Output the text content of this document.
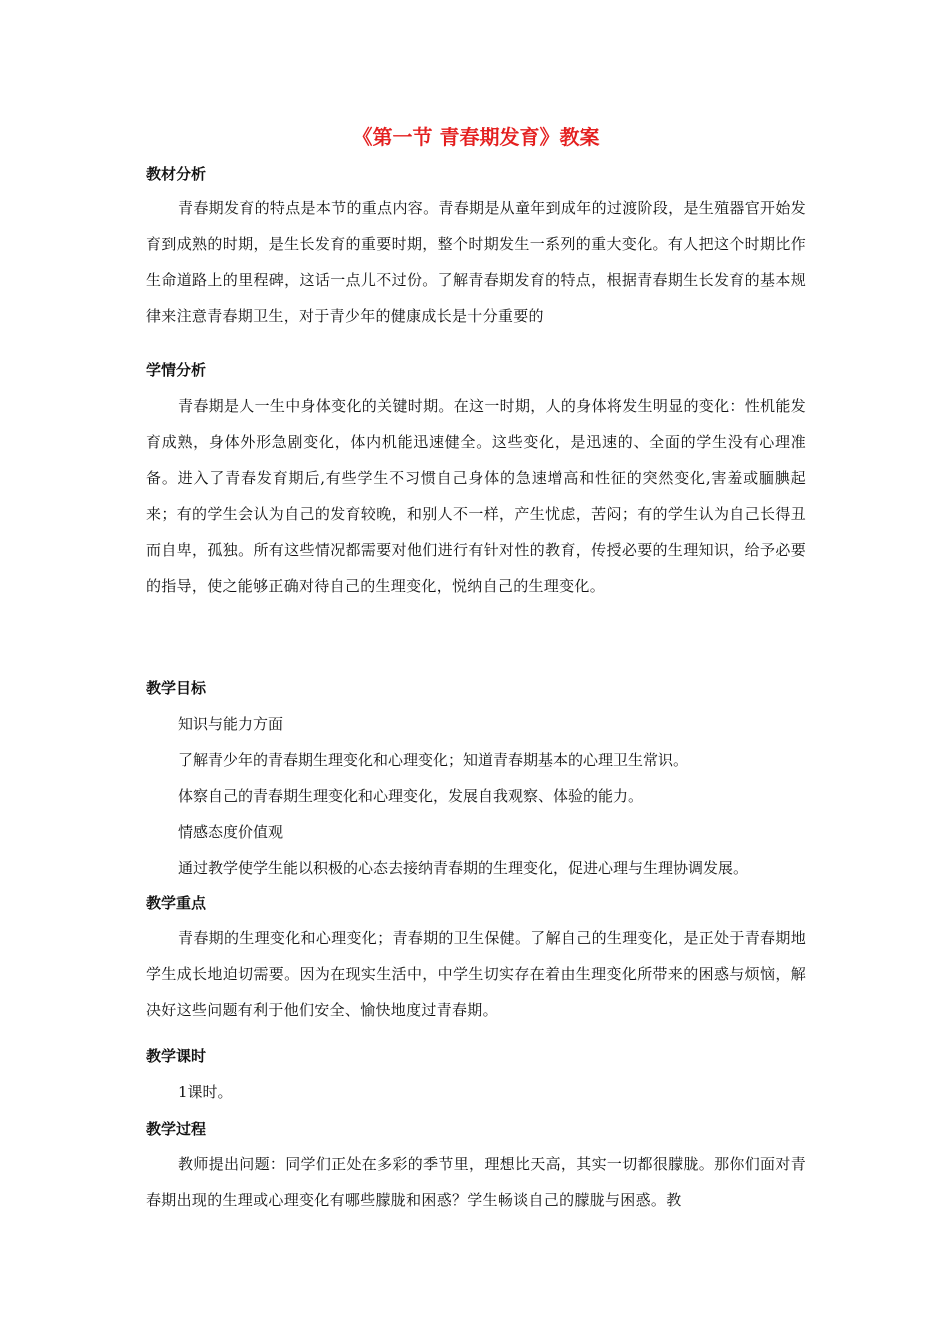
《第一节 青春期发育》教案
教材分析

青春期发育的特点是本节的重点内容。青春期是从童年到成年的过渡阶段，是生殖器官开始发育到成熟的时期，是生长发育的重要时期，整个时期发生一系列的重大变化。有人把这个时期比作生命道路上的里程碑，这话一点儿不过份。了解青春期发育的特点，根据青春期生长发育的基本规律来注意青春期卫生，对于青少年的健康成长是十分重要的

学情分析

青春期是人一生中身体变化的关键时期。在这一时期，人的身体将发生明显的变化：性机能发育成熟，身体外形急剧变化，体内机能迅速健全。这些变化，是迅速的、全面的学生没有心理准备。进入了青春发育期后,有些学生不习惯自己身体的急速增高和性征的突然变化,害羞或腼腆起来；有的学生会认为自己的发育较晚，和别人不一样，产生忧虑，苦闷；有的学生认为自己长得丑而自卑，孤独。所有这些情况都需要对他们进行有针对性的教育，传授必要的生理知识，给予必要的指导，使之能够正确对待自己的生理变化，悦纳自己的生理变化。

教学目标

知识与能力方面

了解青少年的青春期生理变化和心理变化；知道青春期基本的心理卫生常识。

体察自己的青春期生理变化和心理变化，发展自我观察、体验的能力。

情感态度价值观

通过教学使学生能以积极的心态去接纳青春期的生理变化，促进心理与生理协调发展。

教学重点

青春期的生理变化和心理变化；青春期的卫生保健。了解自己的生理变化，是正处于青春期地学生成长地迫切需要。因为在现实生活中，中学生切实存在着由生理变化所带来的困惑与烦恼，解决好这些问题有利于他们安全、愉快地度过青春期。

教学课时

1课时。

教学过程

教师提出问题：同学们正处在多彩的季节里，理想比天高，其实一切都很朦胧。那你们面对青春期出现的生理或心理变化有哪些朦胧和困惑？学生畅谈自己的朦胧与困惑。教
